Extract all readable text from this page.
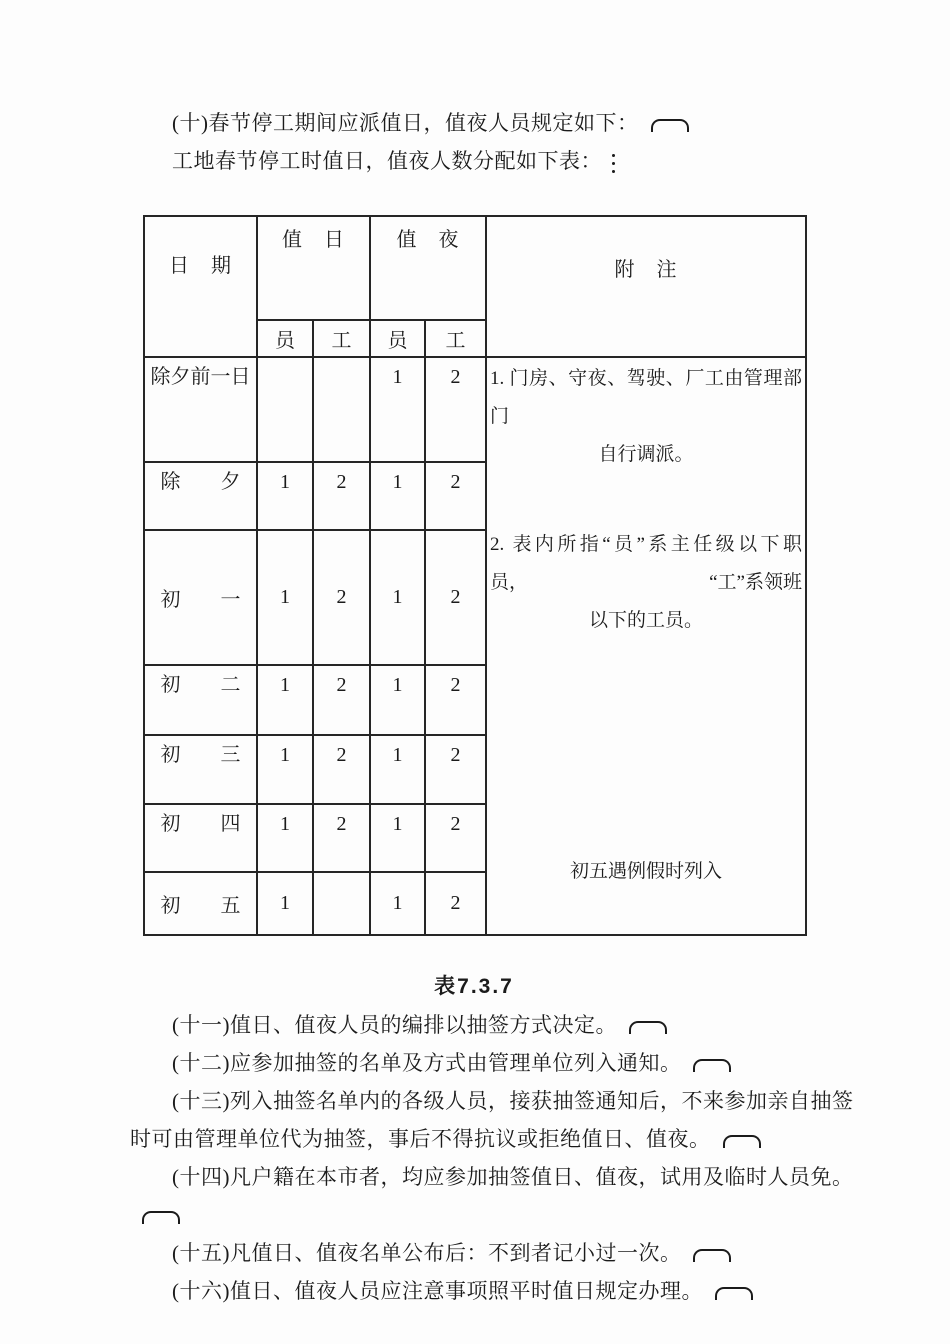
(十)春节停工期间应派值日，值夜人员规定如下：

工地春节停工时值日，值夜人数分配如下表：

日　期	值　日		值　夜		附　注
	员	工	员	工	
除夕前一日			1	2	1. 门房、守夜、驾驶、厂工由管理部门
自行调派。
2. 表内所指“员”系主任级以下职
员，	“工”系领班
以下的工员。
初五遇例假时列入

除　　夕	1	2	1	2	
初　　一	1	2	1	2	
初　　二	1	2	1	2	
初　　三	1	2	1	2	
初　　四	1	2	1	2	
初　　五	1		1	2	
表7.3.7

(十一)值日、值夜人员的编排以抽签方式决定。

(十二)应参加抽签的名单及方式由管理单位列入通知。

(十三)列入抽签名单内的各级人员，接获抽签通知后，不来参加亲自抽签时可由管理单位代为抽签，事后不得抗议或拒绝值日、值夜。

(十四)凡户籍在本市者，均应参加抽签值日、值夜，试用及临时人员免。

(十五)凡值日、值夜名单公布后：不到者记小过一次。

(十六)值日、值夜人员应注意事项照平时值日规定办理。
